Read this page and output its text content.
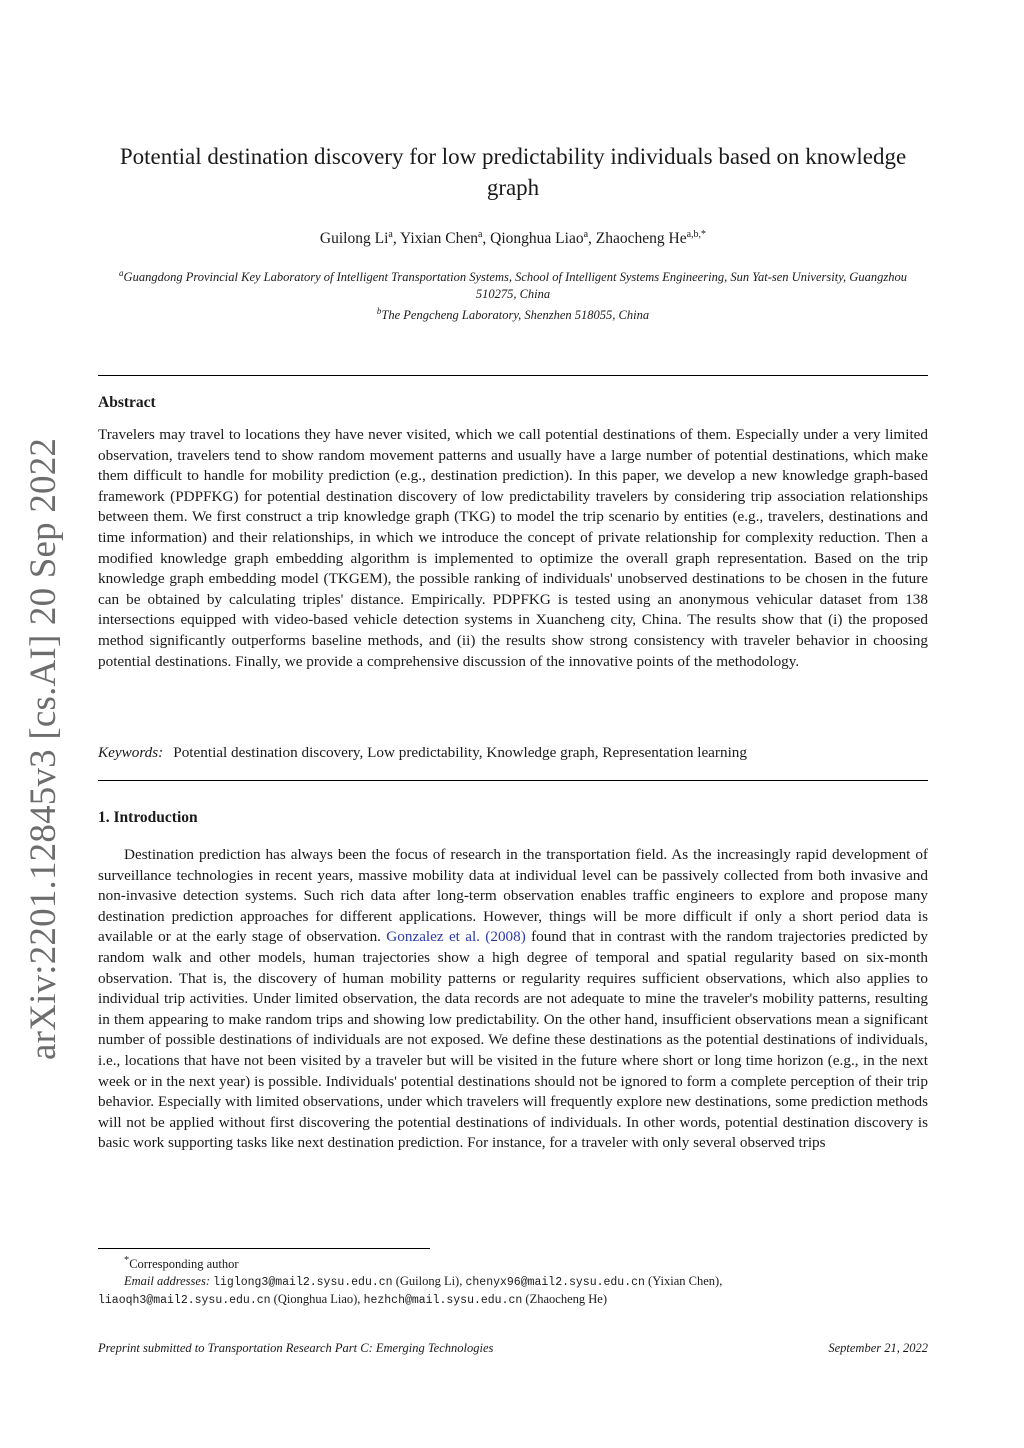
arXiv:2201.12845v3 [cs.AI] 20 Sep 2022
Potential destination discovery for low predictability individuals based on knowledge graph
Guilong Li$^a$, Yixian Chen$^a$, Qionghua Liao$^a$, Zhaocheng $He^{a,b,*}$
$^a$Guangdong Provincial Key Laboratory of Intelligent Transportation Systems, School of Intelligent Systems Engineering, Sun Yat-sen University, Guangzhou 510275, China
$^b$The Pengcheng Laboratory, Shenzhen 518055, China
Abstract
Travelers may travel to locations they have never visited, which we call potential destinations of them. Especially under a very limited observation, travelers tend to show random movement patterns and usually have a large number of potential destinations, which make them difficult to handle for mobility prediction (e.g., destination prediction). In this paper, we develop a new knowledge graph-based framework (PDPFKG) for potential destination discovery of low predictability travelers by considering trip association relationships between them. We first construct a trip knowledge graph (TKG) to model the trip scenario by entities (e.g., travelers, destinations and time information) and their relationships, in which we introduce the concept of private relationship for complexity reduction. Then a modified knowledge graph embedding algorithm is implemented to optimize the overall graph representation. Based on the trip knowledge graph embedding model (TKGEM), the possible ranking of individuals' unobserved destinations to be chosen in the future can be obtained by calculating triples' distance. Empirically. PDPFKG is tested using an anonymous vehicular dataset from 138 intersections equipped with video-based vehicle detection systems in Xuancheng city, China. The results show that (i) the proposed method significantly outperforms baseline methods, and (ii) the results show strong consistency with traveler behavior in choosing potential destinations. Finally, we provide a comprehensive discussion of the innovative points of the methodology.
Keywords: Potential destination discovery, Low predictability, Knowledge graph, Representation learning
1. Introduction
Destination prediction has always been the focus of research in the transportation field. As the increasingly rapid development of surveillance technologies in recent years, massive mobility data at individual level can be passively collected from both invasive and non-invasive detection systems. Such rich data after long-term observation enables traffic engineers to explore and propose many destination prediction approaches for different applications. However, things will be more difficult if only a short period data is available or at the early stage of observation. Gonzalez et al. (2008) found that in contrast with the random trajectories predicted by random walk and other models, human trajectories show a high degree of temporal and spatial regularity based on six-month observation. That is, the discovery of human mobility patterns or regularity requires sufficient observations, which also applies to individual trip activities. Under limited observation, the data records are not adequate to mine the traveler's mobility patterns, resulting in them appearing to make random trips and showing low predictability. On the other hand, insufficient observations mean a significant number of possible destinations of individuals are not exposed. We define these destinations as the potential destinations of individuals, i.e., locations that have not been visited by a traveler but will be visited in the future where short or long time horizon (e.g., in the next week or in the next year) is possible. Individuals' potential destinations should not be ignored to form a complete perception of their trip behavior. Especially with limited observations, under which travelers will frequently explore new destinations, some prediction methods will not be applied without first discovering the potential destinations of individuals. In other words, potential destination discovery is basic work supporting tasks like next destination prediction. For instance, for a traveler with only several observed trips
*Corresponding author
Email addresses: liglong3@mail2.sysu.edu.cn (Guilong Li), chenyx96@mail2.sysu.edu.cn (Yixian Chen),
liaoqh3@mail2.sysu.edu.cn (Qionghua Liao), hezhch@mail.sysu.edu.cn (Zhaocheng He)
Preprint submitted to Transportation Research Part C: Emerging Technologies	September 21, 2022
